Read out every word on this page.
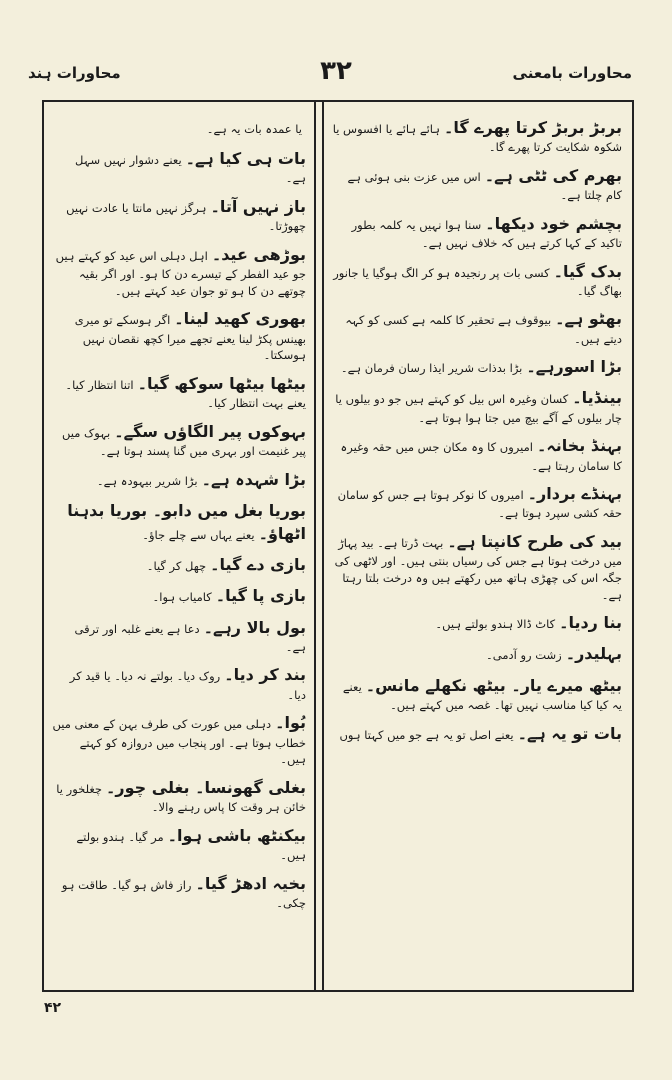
محاورات ہند	۳۲	محاورات بامعنی
بربڑ بربڑ کرتا پھرے گا۔ہائے ہائے یا افسوس یا شکوہ شکایت کرتا پھرے گا۔
بھرم کی ٹٹی ہے۔اس میں عزت بنی ہوئی ہے کام چلتا ہے۔
بچشم خود دیکھا۔سنا ہوا نہیں یہ کلمہ بطور تاکید کے کہا کرتے ہیں کہ خلاف نہیں ہے۔
بدک گیا۔کسی بات پر رنجیدہ ہو کر الگ ہوگیا یا جانور بھاگ گیا۔
بھٹو ہے۔بیوقوف ہے تحقیر کا کلمہ ہے کسی کو کہہ دیتے ہیں۔
بڑا اسورہے۔بڑا بدذات شریر ایذا رسان فرمان ہے۔
بینڈیا۔کسان وغیرہ اس بیل کو کہتے ہیں جو دو بیلوں یا چار بیلوں کے آگے بیچ میں جتا ہوا ہوتا ہے۔
بہنڈ بخانہ۔امیروں کا وہ مکان جس میں حقہ وغیرہ کا سامان رہتا ہے۔
بہنڈے بردار۔امیروں کا نوکر ہوتا ہے جس کو سامان حقہ کشی سپرد ہوتا ہے۔
بید کی طرح کانپتا ہے۔بہت ڈرتا ہے۔ بید پہاڑ میں درخت ہوتا ہے جس کی رسیاں بنتی ہیں۔ اور لاٹھی کی جگہ اس کی چھڑی ہاتھ میں رکھتے ہیں وہ درخت بلتا رہتا ہے۔
بنا ردیا۔کاٹ ڈالا ہندو بولتے ہیں۔
بہلیدر۔زشت رو آدمی۔
بیٹھ میرے یار۔ بیٹھ نکھلے مانس۔یعنے یہ کیا کیا مناسب نہیں تھا۔ غصہ میں کہتے ہیں۔
بات تو یہ ہے۔یعنے اصل تو یہ ہے جو میں کہتا ہوں
یا عمدہ بات یہ ہے۔
بات ہی کیا ہے۔یعنے دشوار نہیں سہل ہے۔
باز نہیں آتا۔ہرگز نہیں مانتا یا عادت نہیں چھوڑتا۔
بوڑھی عید۔اہل دہلی اس عید کو کہتے ہیں جو عید الفطر کے تیسرے دن کا ہو۔ اور اگر بقیہ چوتھے دن کا ہو تو جوان عید کہتے ہیں۔
بھوری کھید لینا۔اگر ہوسکے تو میری بھینس پکڑ لینا یعنے تجھے میرا کچھ نقصان نہیں ہوسکتا۔
بیٹھا بیٹھا سوکھ گیا۔اتنا انتظار کیا۔ یعنے بہت انتظار کیا۔
بہوکوں پیر الگاؤں سگے۔بہوک میں پیر غنیمت اور بہری میں گنا پسند ہوتا ہے۔
بڑا شہدہ ہے۔بڑا شریر بیہودہ ہے۔
بوریا بغل میں دابو۔ بوریا بدہنا اٹھاؤ۔یعنے یہاں سے چلے جاؤ۔
بازی دے گیا۔چھل کر گیا۔
بازی پا گیا۔کامیاب ہوا۔
بول بالا رہے۔دعا ہے یعنے غلبہ اور ترقی ہے۔
بند کر دیا۔روک دیا۔ بولتے نہ دیا۔ یا قید کر دیا۔
بُوا۔دہلی میں عورت کی طرف بہن کے معنی میں خطاب ہوتا ہے۔ اور پنجاب میں دروازہ کو کہتے ہیں۔
بغلی گھونسا۔ بغلی چور۔چغلخور یا خائن ہر وقت کا پاس رہنے والا۔
بیکنٹھ باشی ہوا۔مر گیا۔ ہندو بولتے ہیں۔
بخیہ ادھڑ گیا۔راز فاش ہو گیا۔ طاقت ہو چکی۔
۴۲
